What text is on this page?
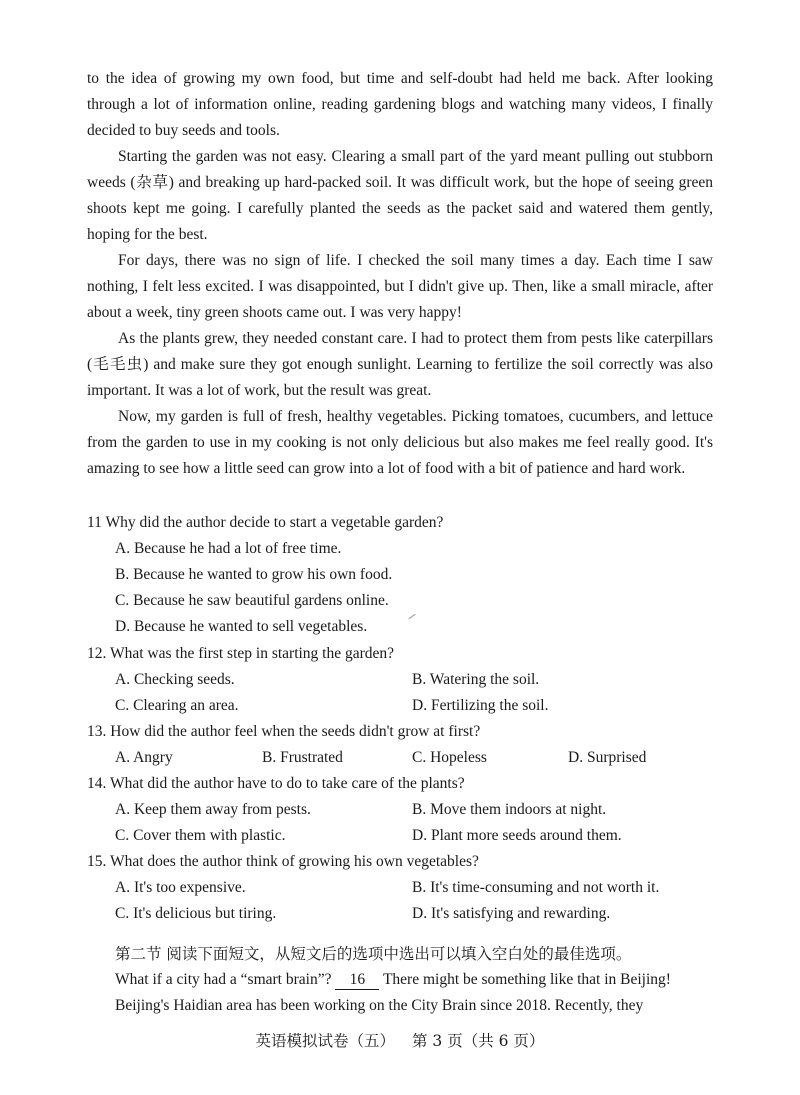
to the idea of growing my own food, but time and self-doubt had held me back. After looking through a lot of information online, reading gardening blogs and watching many videos, I finally decided to buy seeds and tools.

Starting the garden was not easy. Clearing a small part of the yard meant pulling out stubborn weeds (杂草) and breaking up hard-packed soil. It was difficult work, but the hope of seeing green shoots kept me going. I carefully planted the seeds as the packet said and watered them gently, hoping for the best.

For days, there was no sign of life. I checked the soil many times a day. Each time I saw nothing, I felt less excited. I was disappointed, but I didn't give up. Then, like a small miracle, after about a week, tiny green shoots came out. I was very happy!

As the plants grew, they needed constant care. I had to protect them from pests like caterpillars (毛毛虫) and make sure they got enough sunlight. Learning to fertilize the soil correctly was also important. It was a lot of work, but the result was great.

Now, my garden is full of fresh, healthy vegetables. Picking tomatoes, cucumbers, and lettuce from the garden to use in my cooking is not only delicious but also makes me feel really good. It's amazing to see how a little seed can grow into a lot of food with a bit of patience and hard work.

11 Why did the author decide to start a vegetable garden?

A. Because he had a lot of free time.

B. Because he wanted to grow his own food.

C. Because he saw beautiful gardens online.

D. Because he wanted to sell vegetables.

12. What was the first step in starting the garden?

A. Checking seeds.	B. Watering the soil.

C. Clearing an area.	D. Fertilizing the soil.

13. How did the author feel when the seeds didn't grow at first?

A. Angry	B. Frustrated	C. Hopeless	D. Surprised

14. What did the author have to do to take care of the plants?

A. Keep them away from pests.	B. Move them indoors at night.

C. Cover them with plastic.	D. Plant more seeds around them.

15. What does the author think of growing his own vegetables?

A. It's too expensive.	B. It's time-consuming and not worth it.

C. It's delicious but tiring.	D. It's satisfying and rewarding.

第二节 阅读下面短文，从短文后的选项中选出可以填入空白处的最佳选项。

What if a city had a “smart brain”? 16 There might be something like that in Beijing!

Beijing's Haidian area has been working on the City Brain since 2018. Recently, they

英语模拟试卷（五） 第 3 页（共 6 页）
